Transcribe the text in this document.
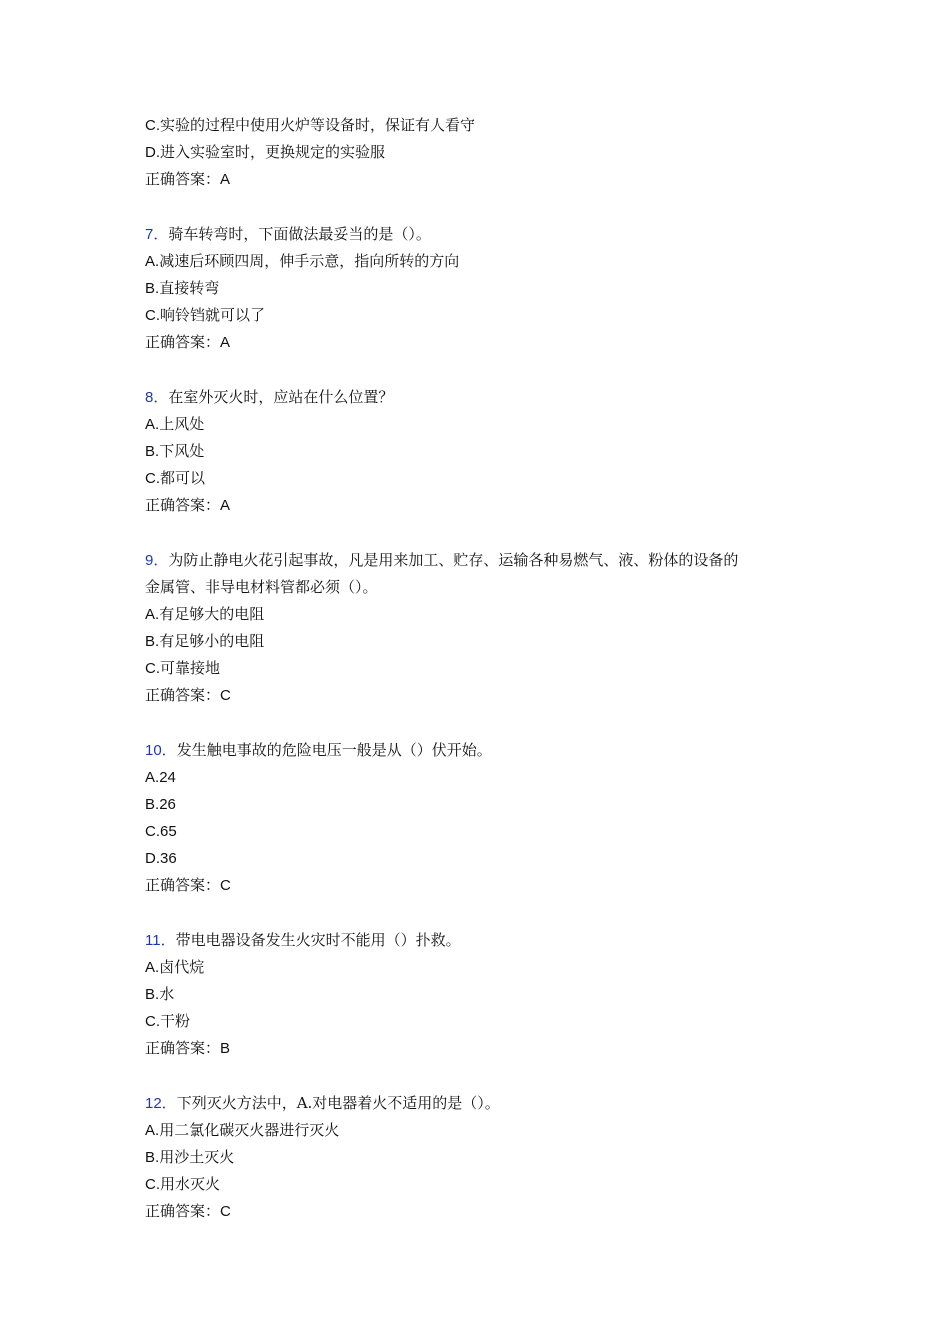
C.实验的过程中使用火炉等设备时，保证有人看守
D.进入实验室时，更换规定的实验服
正确答案：A
7．骑车转弯时，下面做法最妥当的是（）。
A.减速后环顾四周，伸手示意，指向所转的方向
B.直接转弯
C.响铃铛就可以了
正确答案：A
8．在室外灭火时，应站在什么位置？
A.上风处
B.下风处
C.都可以
正确答案：A
9．为防止静电火花引起事故，凡是用来加工、贮存、运输各种易燃气、液、粉体的设备的
金属管、非导电材料管都必须（）。
A.有足够大的电阻
B.有足够小的电阻
C.可靠接地
正确答案：C
10．发生触电事故的危险电压一般是从（）伏开始。
A.24
B.26
C.65
D.36
正确答案：C
11．带电电器设备发生火灾时不能用（）扑救。
A.卤代烷
B.水
C.干粉
正确答案：B
12．下列灭火方法中，A.对电器着火不适用的是（）。
A.用二氯化碳灭火器进行灭火
B.用沙土灭火
C.用水灭火
正确答案：C
